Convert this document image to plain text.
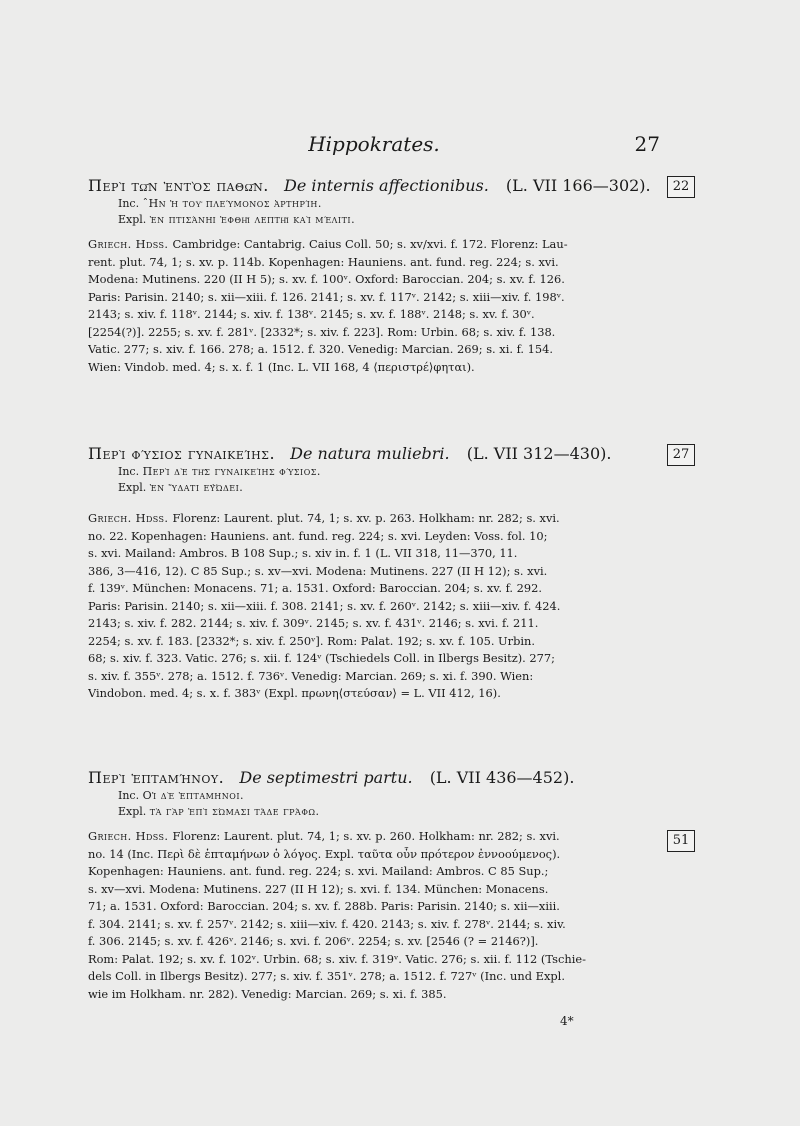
Hippokrates.	27
Περὶ τῶν ἐντὸς παθῶν. De internis affectionibus. (L. VII 166—302).
Inc. ˆΗν ἡ τοῦ πλεύμονος ἀρτηρίη.
Expl. ἐν πτισάνῃ ἑφθῇ λεπτῇ καὶ μέλιτι.
22
Griech. Hdss. Cambridge: Cantabrig. Caius Coll. 50; s. xv/xvi. f. 172. Florenz: Lau-
rent. plut. 74, 1; s. xv. p. 114b. Kopenhagen: Hauniens. ant. fund. reg. 224; s. xvi.
Modena: Mutinens. 220 (II H 5); s. xv. f. 100ᵛ. Oxford: Baroccian. 204; s. xv. f. 126.
Paris: Parisin. 2140; s. xii—xiii. f. 126. 2141; s. xv. f. 117ᵛ. 2142; s. xiii—xiv. f. 198ᵛ.
2143; s. xiv. f. 118ᵛ. 2144; s. xiv. f. 138ᵛ. 2145; s. xv. f. 188ᵛ. 2148; s. xv. f. 30ᵛ.
[2254(?)]. 2255; s. xv. f. 281ᵛ. [2332*; s. xiv. f. 223]. Rom: Urbin. 68; s. xiv. f. 138.
Vatic. 277; s. xiv. f. 166. 278; a. 1512. f. 320. Venedig: Marcian. 269; s. xi. f. 154.
Wien: Vindob. med. 4; s. x. f. 1 (Inc. L. VII 168, 4 ⟨περιστρέ⟩φηται).
Περὶ φύσιος γυναικείης. De natura muliebri. (L. VII 312—430).
Inc. Περὶ δὲ τῆς γυναικείης φύσιος.
Expl. ἐν ὕδατι εὐώδει.
27
Griech. Hdss. Florenz: Laurent. plut. 74, 1; s. xv. p. 263. Holkham: nr. 282; s. xvi.
no. 22. Kopenhagen: Hauniens. ant. fund. reg. 224; s. xvi. Leyden: Voss. fol. 10;
s. xvi. Mailand: Ambros. B 108 Sup.; s. xiv in. f. 1 (L. VII 318, 11—370, 11.
386, 3—416, 12). C 85 Sup.; s. xv—xvi. Modena: Mutinens. 227 (II H 12); s. xvi.
f. 139ᵛ. München: Monacens. 71; a. 1531. Oxford: Baroccian. 204; s. xv. f. 292.
Paris: Parisin. 2140; s. xii—xiii. f. 308. 2141; s. xv. f. 260ᵛ. 2142; s. xiii—xiv. f. 424.
2143; s. xiv. f. 282. 2144; s. xiv. f. 309ᵛ. 2145; s. xv. f. 431ᵛ. 2146; s. xvi. f. 211.
2254; s. xv. f. 183. [2332*; s. xiv. f. 250ᵛ]. Rom: Palat. 192; s. xv. f. 105. Urbin.
68; s. xiv. f. 323. Vatic. 276; s. xii. f. 124ᵛ (Tschiedels Coll. in Ilbergs Besitz). 277;
s. xiv. f. 355ᵛ. 278; a. 1512. f. 736ᵛ. Venedig: Marcian. 269; s. xi. f. 390. Wien:
Vindobon. med. 4; s. x. f. 383ᵛ (Expl. πρωνη⟨στεύσαν⟩ = L. VII 412, 16).
Περὶ ἑπταμήνου. De septimestri partu. (L. VII 436—452).
Inc. Οἱ δὲ ἑπταμηνοι.
Expl. τὰ γὰρ ἐπὶ σώμασι τάδε γράφω.
51
Griech. Hdss. Florenz: Laurent. plut. 74, 1; s. xv. p. 260. Holkham: nr. 282; s. xvi.
no. 14 (Inc. Περὶ δὲ ἑπταμήνων ὁ λόγος. Expl. ταῦτα οὖν πρότερον ἐννοούμενος).
Kopenhagen: Hauniens. ant. fund. reg. 224; s. xvi. Mailand: Ambros. C 85 Sup.;
s. xv—xvi. Modena: Mutinens. 227 (II H 12); s. xvi. f. 134. München: Monacens.
71; a. 1531. Oxford: Baroccian. 204; s. xv. f. 288b. Paris: Parisin. 2140; s. xii—xiii.
f. 304. 2141; s. xv. f. 257ᵛ. 2142; s. xiii—xiv. f. 420. 2143; s. xiv. f. 278ᵛ. 2144; s. xiv.
f. 306. 2145; s. xv. f. 426ᵛ. 2146; s. xvi. f. 206ᵛ. 2254; s. xv. [2546 (? = 2146?)].
Rom: Palat. 192; s. xv. f. 102ᵛ. Urbin. 68; s. xiv. f. 319ᵛ. Vatic. 276; s. xii. f. 112 (Tschie-
dels Coll. in Ilbergs Besitz). 277; s. xiv. f. 351ᵛ. 278; a. 1512. f. 727ᵛ (Inc. und Expl.
wie im Holkham. nr. 282). Venedig: Marcian. 269; s. xi. f. 385.
4*
